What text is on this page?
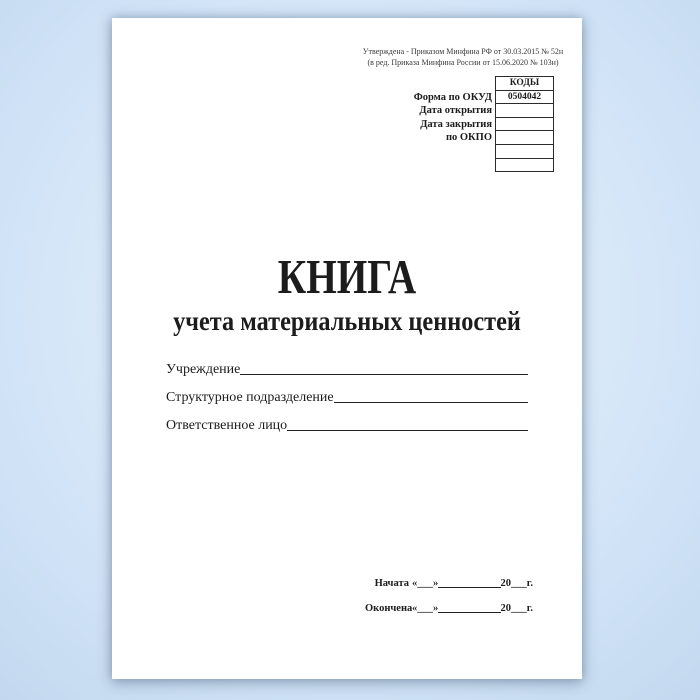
Утверждена - Приказом Минфина РФ от 30.03.2015 № 52н
(в ред. Приказа Минфина России от 15.06.2020 № 103н)
Форма по ОКУД
Дата открытия
Дата закрытия
по ОКПО
КОДЫ
0504042
КНИГА
учета материальных ценностей
Учреждение
Структурное подразделение
Ответственное лицо
Начата «___»	20___г.
Окончена «___»	20___г.
